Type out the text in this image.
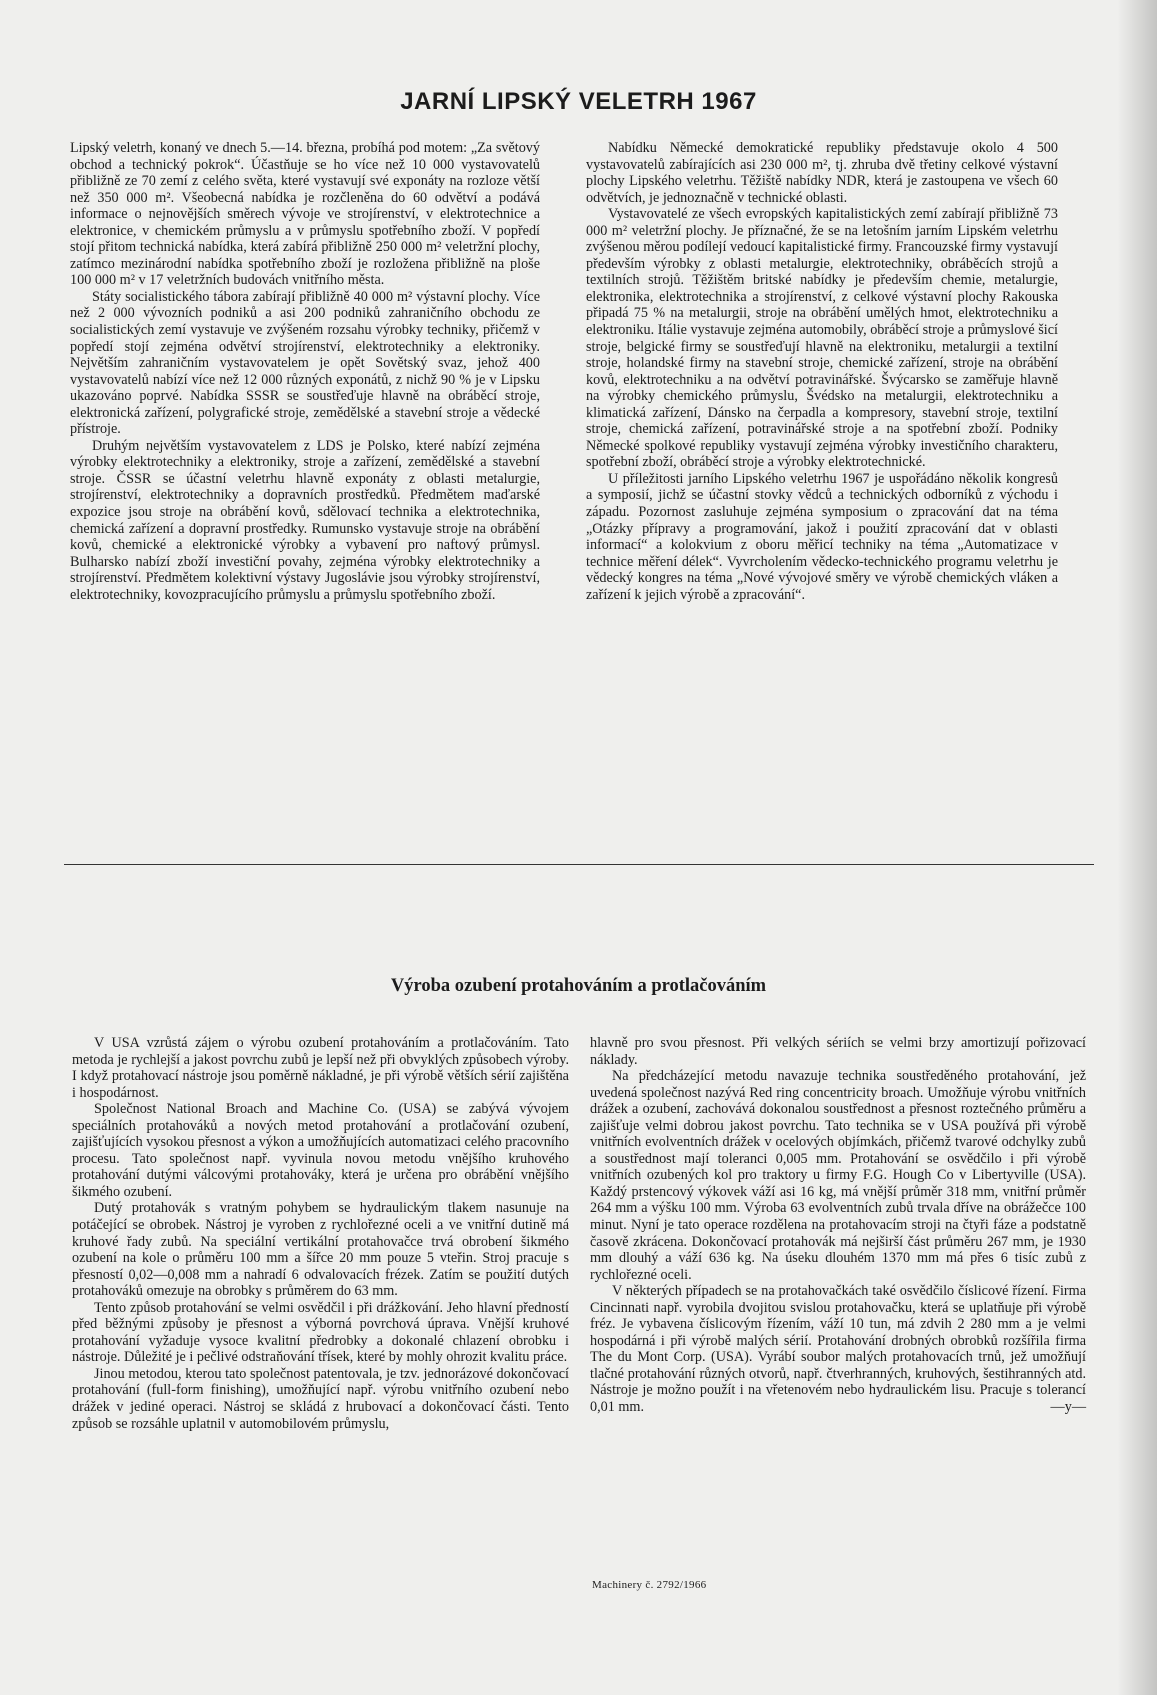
JARNÍ LIPSKÝ VELETRH 1967

Lipský veletrh, konaný ve dnech 5.—14. března, probíhá pod motem: „Za světový obchod a technický pokrok“. Účastňuje se ho více než 10 000 vystavovatelů přibližně ze 70 zemí z celého světa, které vystavují své exponáty na rozloze větší než 350 000 m². Všeobecná nabídka je rozčleněna do 60 odvětví a podává informace o nejnovějších směrech vývoje ve strojírenství, v elektrotechnice a elektronice, v chemickém průmyslu a v průmyslu spotřebního zboží. V popředí stojí přitom technická nabídka, která zabírá přibližně 250 000 m² veletržní plochy, zatímco mezinárodní nabídka spotřebního zboží je rozložena přibližně na ploše 100 000 m² v 17 veletržních budovách vnitřního města.

Státy socialistického tábora zabírají přibližně 40 000 m² výstavní plochy. Více než 2 000 vývozních podniků a asi 200 podniků zahraničního obchodu ze socialistických zemí vystavuje ve zvýšeném rozsahu výrobky techniky, přičemž v popředí stojí zejména odvětví strojírenství, elektrotechniky a elektroniky. Největším zahraničním vystavovatelem je opět Sovětský svaz, jehož 400 vystavovatelů nabízí více než 12 000 různých exponátů, z nichž 90 % je v Lipsku ukazováno poprvé. Nabídka SSSR se soustřeďuje hlavně na obráběcí stroje, elektronická zařízení, polygrafické stroje, zemědělské a stavební stroje a vědecké přístroje.

Druhým největším vystavovatelem z LDS je Polsko, které nabízí zejména výrobky elektrotechniky a elektroniky, stroje a zařízení, zemědělské a stavební stroje. ČSSR se účastní veletrhu hlavně exponáty z oblasti metalurgie, strojírenství, elektrotechniky a dopravních prostředků. Předmětem maďarské expozice jsou stroje na obrábění kovů, sdělovací technika a elektrotechnika, chemická zařízení a dopravní prostředky. Rumunsko vystavuje stroje na obrábění kovů, chemické a elektronické výrobky a vybavení pro naftový průmysl. Bulharsko nabízí zboží investiční povahy, zejména výrobky elektrotechniky a strojírenství. Předmětem kolektivní výstavy Jugoslávie jsou výrobky strojírenství, elektrotechniky, kovozpracujícího průmyslu a průmyslu spotřebního zboží.

Nabídku Německé demokratické republiky představuje okolo 4 500 vystavovatelů zabírajících asi 230 000 m², tj. zhruba dvě třetiny celkové výstavní plochy Lipského veletrhu. Těžiště nabídky NDR, která je zastoupena ve všech 60 odvětvích, je jednoznačně v technické oblasti.

Vystavovatelé ze všech evropských kapitalistických zemí zabírají přibližně 73 000 m² veletržní plochy. Je příznačné, že se na letošním jarním Lipském veletrhu zvýšenou měrou podílejí vedoucí kapitalistické firmy. Francouzské firmy vystavují především výrobky z oblasti metalurgie, elektrotechniky, obráběcích strojů a textilních strojů. Těžištěm britské nabídky je především chemie, metalurgie, elektronika, elektrotechnika a strojírenství, z celkové výstavní plochy Rakouska připadá 75 % na metalurgii, stroje na obrábění umělých hmot, elektrotechniku a elektroniku. Itálie vystavuje zejména automobily, obráběcí stroje a průmyslové šicí stroje, belgické firmy se soustřeďují hlavně na elektroniku, metalurgii a textilní stroje, holandské firmy na stavební stroje, chemické zařízení, stroje na obrábění kovů, elektrotechniku a na odvětví potravinářské. Švýcarsko se zaměřuje hlavně na výrobky chemického průmyslu, Švédsko na metalurgii, elektrotechniku a klimatická zařízení, Dánsko na čerpadla a kompresory, stavební stroje, textilní stroje, chemická zařízení, potravinářské stroje a na spotřební zboží. Podniky Německé spolkové republiky vystavují zejména výrobky investičního charakteru, spotřební zboží, obráběcí stroje a výrobky elektrotechnické.

U příležitosti jarního Lipského veletrhu 1967 je uspořádáno několik kongresů a symposií, jichž se účastní stovky vědců a technických odborníků z východu i západu. Pozornost zasluhuje zejména symposium o zpracování dat na téma „Otázky přípravy a programování, jakož i použití zpracování dat v oblasti informací“ a kolokvium z oboru měřicí techniky na téma „Automatizace v technice měření délek“. Vyvrcholením vědecko-technického programu veletrhu je vědecký kongres na téma „Nové vývojové směry ve výrobě chemických vláken a zařízení k jejich výrobě a zpracování“.

Výroba ozubení protahováním a protlačováním

V USA vzrůstá zájem o výrobu ozubení protahováním a protlačováním. Tato metoda je rychlejší a jakost povrchu zubů je lepší než při obvyklých způsobech výroby. I když protahovací nástroje jsou poměrně nákladné, je při výrobě větších sérií zajištěna i hospodárnost.

Společnost National Broach and Machine Co. (USA) se zabývá vývojem speciálních protahováků a nových metod protahování a protlačování ozubení, zajišťujících vysokou přesnost a výkon a umožňujících automatizaci celého pracovního procesu. Tato společnost např. vyvinula novou metodu vnějšího kruhového protahování dutými válcovými protahováky, která je určena pro obrábění vnějšího šikmého ozubení.

Dutý protahovák s vratným pohybem se hydraulickým tlakem nasunuje na potáčející se obrobek. Nástroj je vyroben z rychlořezné oceli a ve vnitřní dutině má kruhové řady zubů. Na speciální vertikální protahovačce trvá obrobení šikmého ozubení na kole o průměru 100 mm a šířce 20 mm pouze 5 vteřin. Stroj pracuje s přesností 0,02—0,008 mm a nahradí 6 odvalovacích frézek. Zatím se použití dutých protahováků omezuje na obrobky s průměrem do 63 mm.

Tento způsob protahování se velmi osvědčil i při drážkování. Jeho hlavní předností před běžnými způsoby je přesnost a výborná povrchová úprava. Vnější kruhové protahování vyžaduje vysoce kvalitní předrobky a dokonalé chlazení obrobku i nástroje. Důležité je i pečlivé odstraňování třísek, které by mohly ohrozit kvalitu práce.

Jinou metodou, kterou tato společnost patentovala, je tzv. jednorázové dokončovací protahování (full-form finishing), umožňující např. výrobu vnitřního ozubení nebo drážek v jediné operaci. Nástroj se skládá z hrubovací a dokončovací části. Tento způsob se rozsáhle uplatnil v automobilovém průmyslu,

hlavně pro svou přesnost. Při velkých sériích se velmi brzy amortizují pořizovací náklady.

Na předcházející metodu navazuje technika soustředěného protahování, jež uvedená společnost nazývá Red ring concentricity broach. Umožňuje výrobu vnitřních drážek a ozubení, zachovává dokonalou soustřednost a přesnost roztečného průměru a zajišťuje velmi dobrou jakost povrchu. Tato technika se v USA používá při výrobě vnitřních evolventních drážek v ocelových objímkách, přičemž tvarové odchylky zubů a soustřednost mají toleranci 0,005 mm. Protahování se osvědčilo i při výrobě vnitřních ozubených kol pro traktory u firmy F.G. Hough Co v Libertyville (USA). Každý prstencový výkovek váží asi 16 kg, má vnější průměr 318 mm, vnitřní průměr 264 mm a výšku 100 mm. Výroba 63 evolventních zubů trvala dříve na obrážečce 100 minut. Nyní je tato operace rozdělena na protahovacím stroji na čtyři fáze a podstatně časově zkrácena. Dokončovací protahovák má nejširší část průměru 267 mm, je 1930 mm dlouhý a váží 636 kg. Na úseku dlouhém 1370 mm má přes 6 tisíc zubů z rychlořezné oceli.

V některých případech se na protahovačkách také osvědčilo číslicové řízení. Firma Cincinnati např. vyrobila dvojitou svislou protahovačku, která se uplatňuje při výrobě fréz. Je vybavena číslicovým řízením, váží 10 tun, má zdvih 2 280 mm a je velmi hospodárná i při výrobě malých sérií. Protahování drobných obrobků rozšířila firma The du Mont Corp. (USA). Vyrábí soubor malých protahovacích trnů, jež umožňují tlačné protahování různých otvorů, např. čtverhranných, kruhových, šestihranných atd. Nástroje je možno použít i na vřetenovém nebo hydraulickém lisu. Pracuje s tolerancí 0,01 mm.	—y—

Machinery č. 2792/1966
